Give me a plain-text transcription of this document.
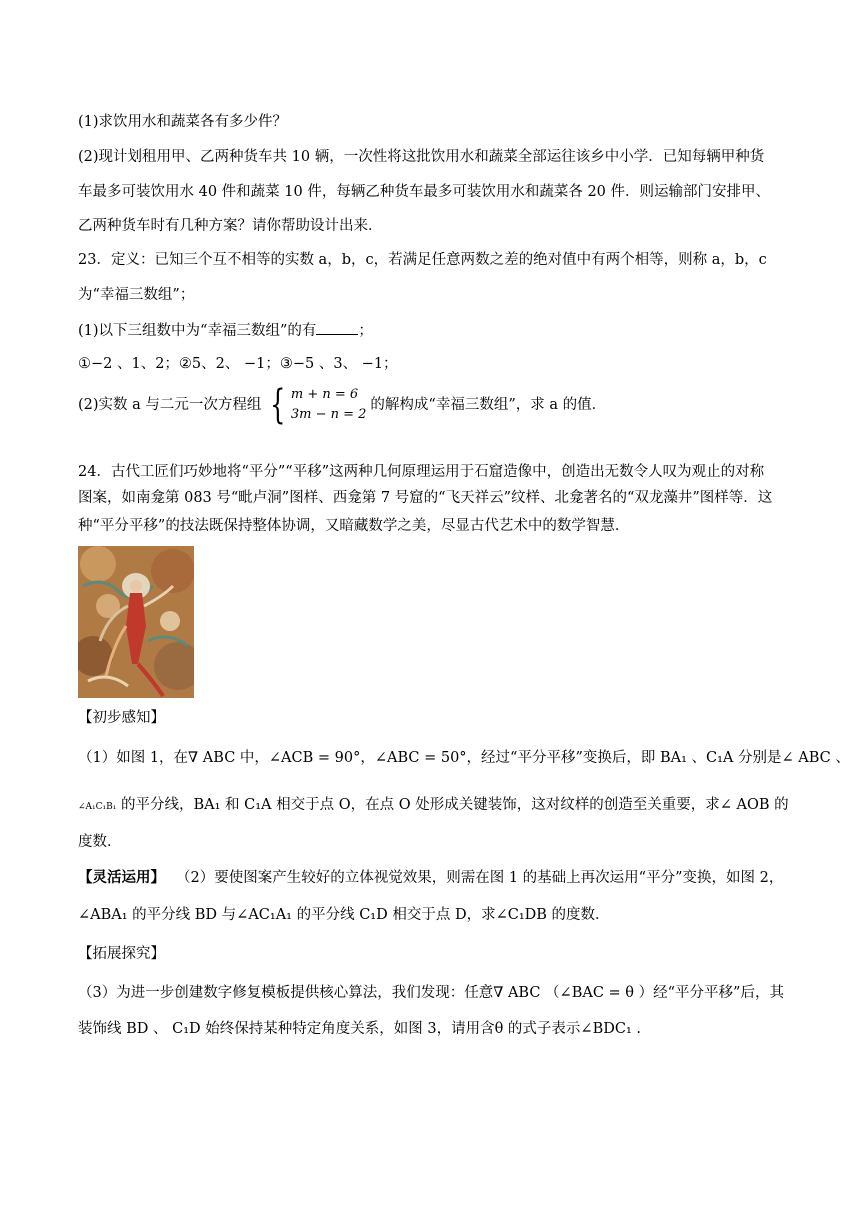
(1)求饮用水和蔬菜各有多少件？
(2)现计划租用甲、乙两种货车共 10 辆，一次性将这批饮用水和蔬菜全部运往该乡中小学．已知每辆甲种货
车最多可装饮用水 40 件和蔬菜 10 件，每辆乙种货车最多可装饮用水和蔬菜各 20 件．则运输部门安排甲、
乙两种货车时有几种方案？请你帮助设计出来．
23．定义：已知三个互不相等的实数 a，b，c，若满足任意两数之差的绝对值中有两个相等，则称 a，b，c
为“幸福三数组”；
(1)以下三组数中为“幸福三数组”的有	；
①−2 、1、2；②5、2、 −1；③−5 、3、 −1；
(2)实数 a 与二元一次方程组 { m + n = 6
3m − n = 2
的解构成“幸福三数组”，求 a 的值．
24．古代工匠们巧妙地将“平分”“平移”这两种几何原理运用于石窟造像中，创造出无数令人叹为观止的对称
图案，如南龛第 083 号“毗卢洞”图样、西龛第 7 号窟的“飞天祥云”纹样、北龛著名的“双龙藻井”图样等．这
种“平分平移”的技法既保持整体协调，又暗藏数学之美，尽显古代艺术中的数学智慧．
【初步感知】
（1）如图 1，在∇ ABC 中，∠ACB = 90°，∠ABC = 50°，经过“平分平移”变换后，即 BA₁ 、C₁A 分别是∠ ABC 、
∠A₁C₁B₁ 的平分线，BA₁ 和 C₁A 相交于点 O，在点 O 处形成关键装饰，这对纹样的创造至关重要，求∠ AOB 的
度数．
【灵活运用】 （2）要使图案产生较好的立体视觉效果，则需在图 1 的基础上再次运用“平分”变换，如图 2，
∠ABA₁ 的平分线 BD 与∠AC₁A₁ 的平分线 C₁D 相交于点 D，求∠C₁DB 的度数．
【拓展探究】
（3）为进一步创建数字修复模板提供核心算法，我们发现：任意∇ ABC （∠BAC = θ ）经“平分平移”后，其
装饰线 BD 、 C₁D 始终保持某种特定角度关系，如图 3，请用含θ 的式子表示∠BDC₁ .
